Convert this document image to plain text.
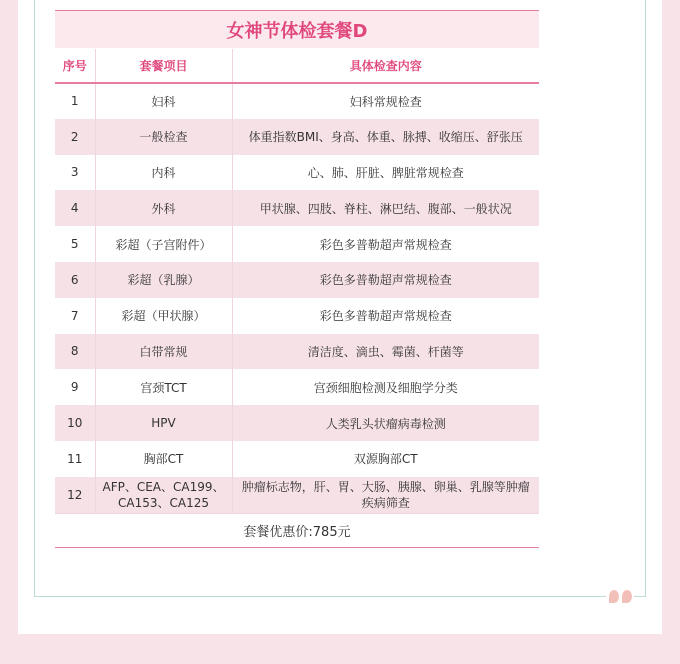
女神节体检套餐D
序号	套餐项目	具体检查内容
1	妇科	妇科常规检查
2	一般检查	体重指数BMI、身高、体重、脉搏、收缩压、舒张压
3	内科	心、肺、肝脏、脾脏常规检查
4	外科	甲状腺、四肢、脊柱、淋巴结、腹部、一般状况
5	彩超（子宫附件）	彩色多普勒超声常规检查
6	彩超（乳腺）	彩色多普勒超声常规检查
7	彩超（甲状腺）	彩色多普勒超声常规检查
8	白带常规	清洁度、滴虫、霉菌、杆菌等
9	宫颈TCT	宫颈细胞检测及细胞学分类
10	HPV	人类乳头状瘤病毒检测
11	胸部CT	双源胸部CT
12	AFP、CEA、CA199、CA153、CA125	肿瘤标志物，肝、胃、大肠、胰腺、卵巢、乳腺等肿瘤疾病筛查
套餐优惠价:785元
